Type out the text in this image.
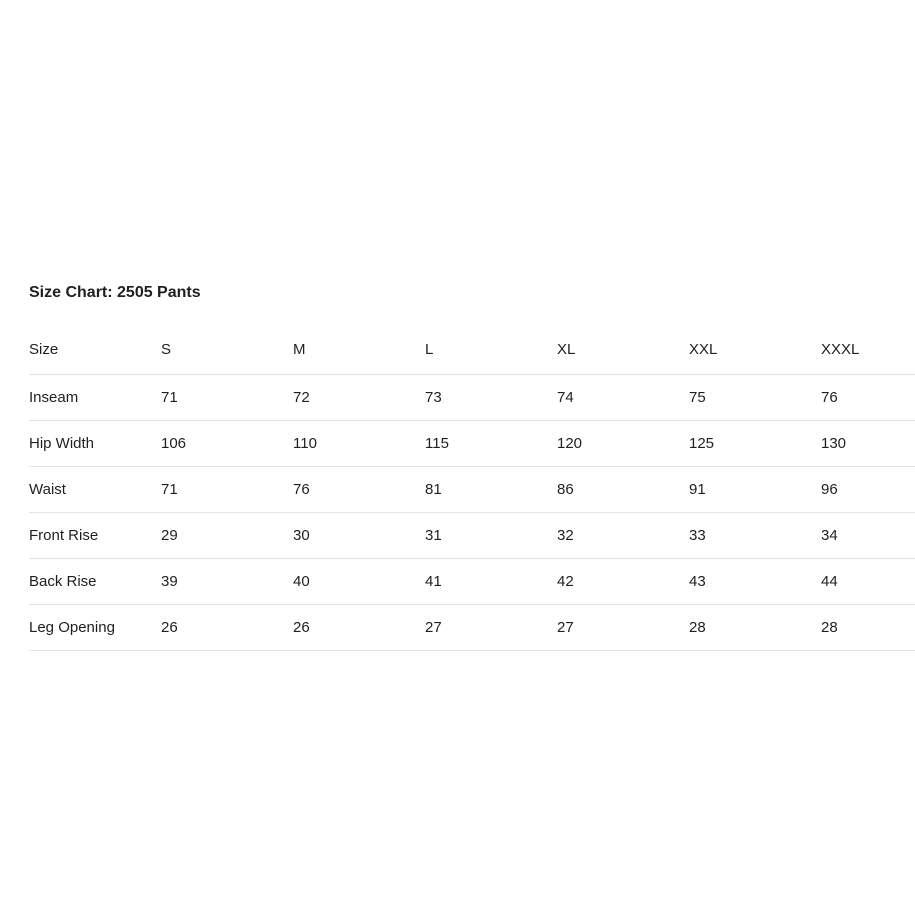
Size Chart: 2505 Pants
Size	S	M	L	XL	XXL	XXXL
Inseam	71	72	73	74	75	76
Hip Width	106	110	115	120	125	130
Waist	71	76	81	86	91	96
Front Rise	29	30	31	32	33	34
Back Rise	39	40	41	42	43	44
Leg Opening	26	26	27	27	28	28
